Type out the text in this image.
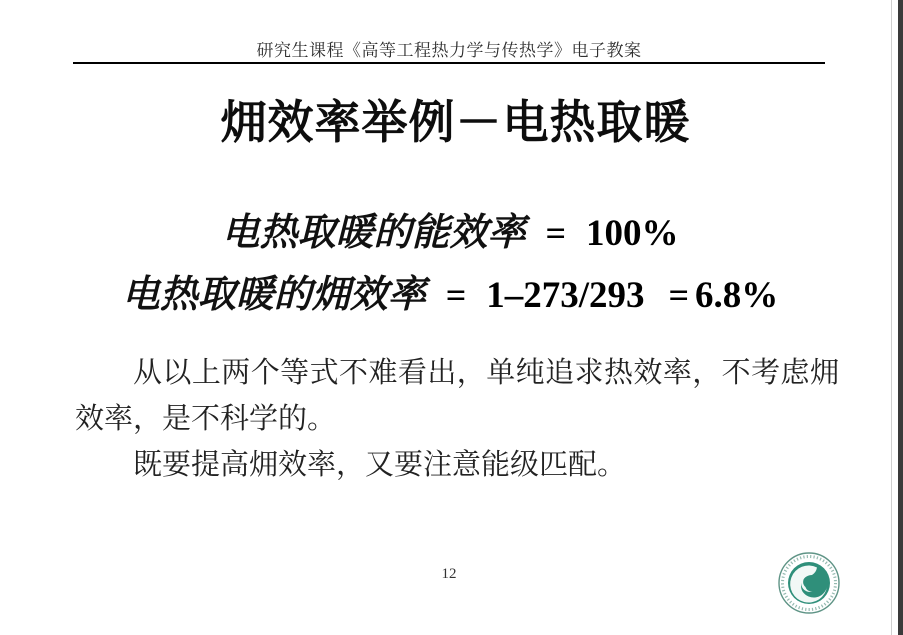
研究生课程《高等工程热力学与传热学》电子教案
㶲效率举例－电热取暖
电热取暖的能效率 = 100%
电热取暖的㶲效率 = 1–273/293 = 6.8%
从以上两个等式不难看出，单纯追求热效率，不考虑㶲效率，是不科学的。
既要提高㶲效率，又要注意能级匹配。
12
